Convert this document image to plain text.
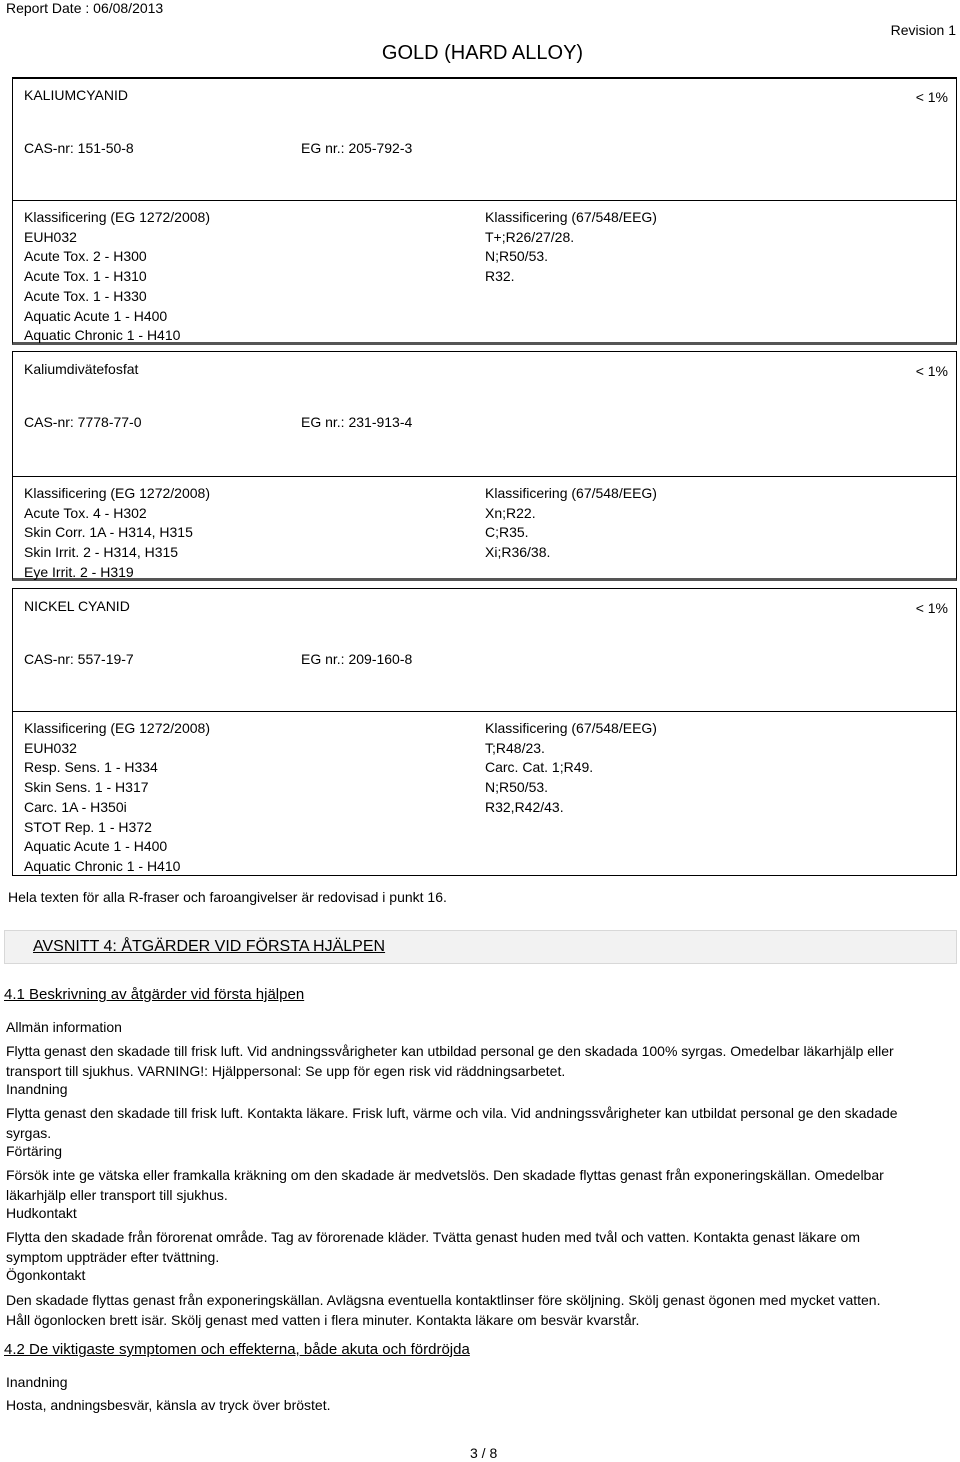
Report Date : 06/08/2013
GOLD (HARD ALLOY)
Revision 1
KALIUMCYANID	< 1%
CAS-nr: 151-50-8	EG nr.: 205-792-3
Klassificering (EG 1272/2008)
EUH032
Acute Tox. 2 - H300
Acute Tox. 1 - H310
Acute Tox. 1 - H330
Aquatic Acute 1 - H400
Aquatic Chronic 1 - H410
Klassificering (67/548/EEG)
T+;R26/27/28.
N;R50/53.
R32.
Kaliumdivätefosfat	< 1%
CAS-nr: 7778-77-0	EG nr.: 231-913-4
Klassificering (EG 1272/2008)
Acute Tox. 4 - H302
Skin Corr. 1A - H314, H315
Skin Irrit. 2 - H314, H315
Eye Irrit. 2 - H319
Klassificering (67/548/EEG)
Xn;R22.
C;R35.
Xi;R36/38.
NICKEL CYANID	< 1%
CAS-nr: 557-19-7	EG nr.: 209-160-8
Klassificering (EG 1272/2008)
EUH032
Resp. Sens. 1 - H334
Skin Sens. 1 - H317
Carc. 1A - H350i
STOT Rep. 1 - H372
Aquatic Acute 1 - H400
Aquatic Chronic 1 - H410
Klassificering (67/548/EEG)
T;R48/23.
Carc. Cat. 1;R49.
N;R50/53.
R32,R42/43.
Hela texten för alla R-fraser och faroangivelser är redovisad i punkt 16.
AVSNITT 4: ÅTGÄRDER VID FÖRSTA HJÄLPEN
4.1 Beskrivning av åtgärder vid första hjälpen
Allmän information
Flytta genast den skadade till frisk luft. Vid andningssvårigheter kan utbildad personal ge den skadada 100% syrgas. Omedelbar läkarhjälp eller transport till sjukhus. VARNING!: Hjälppersonal: Se upp för egen risk vid räddningsarbetet.
Inandning
Flytta genast den skadade till frisk luft. Kontakta läkare. Frisk luft, värme och vila. Vid andningssvårigheter kan utbildat personal ge den skadade syrgas.
Förtäring
Försök inte ge vätska eller framkalla kräkning om den skadade är medvetslös. Den skadade flyttas genast från exponeringskällan. Omedelbar läkarhjälp eller transport till sjukhus.
Hudkontakt
Flytta den skadade från förorenat område. Tag av förorenade kläder. Tvätta genast huden med tvål och vatten. Kontakta genast läkare om symptom uppträder efter tvättning.
Ögonkontakt
Den skadade flyttas genast från exponeringskällan. Avlägsna eventuella kontaktlinser före sköljning. Skölj genast ögonen med mycket vatten. Håll ögonlocken brett isär. Skölj genast med vatten i flera minuter. Kontakta läkare om besvär kvarstår.
4.2 De viktigaste symptomen och effekterna, både akuta och fördröjda
Inandning
Hosta, andningsbesvär, känsla av tryck över bröstet.
3 / 8
